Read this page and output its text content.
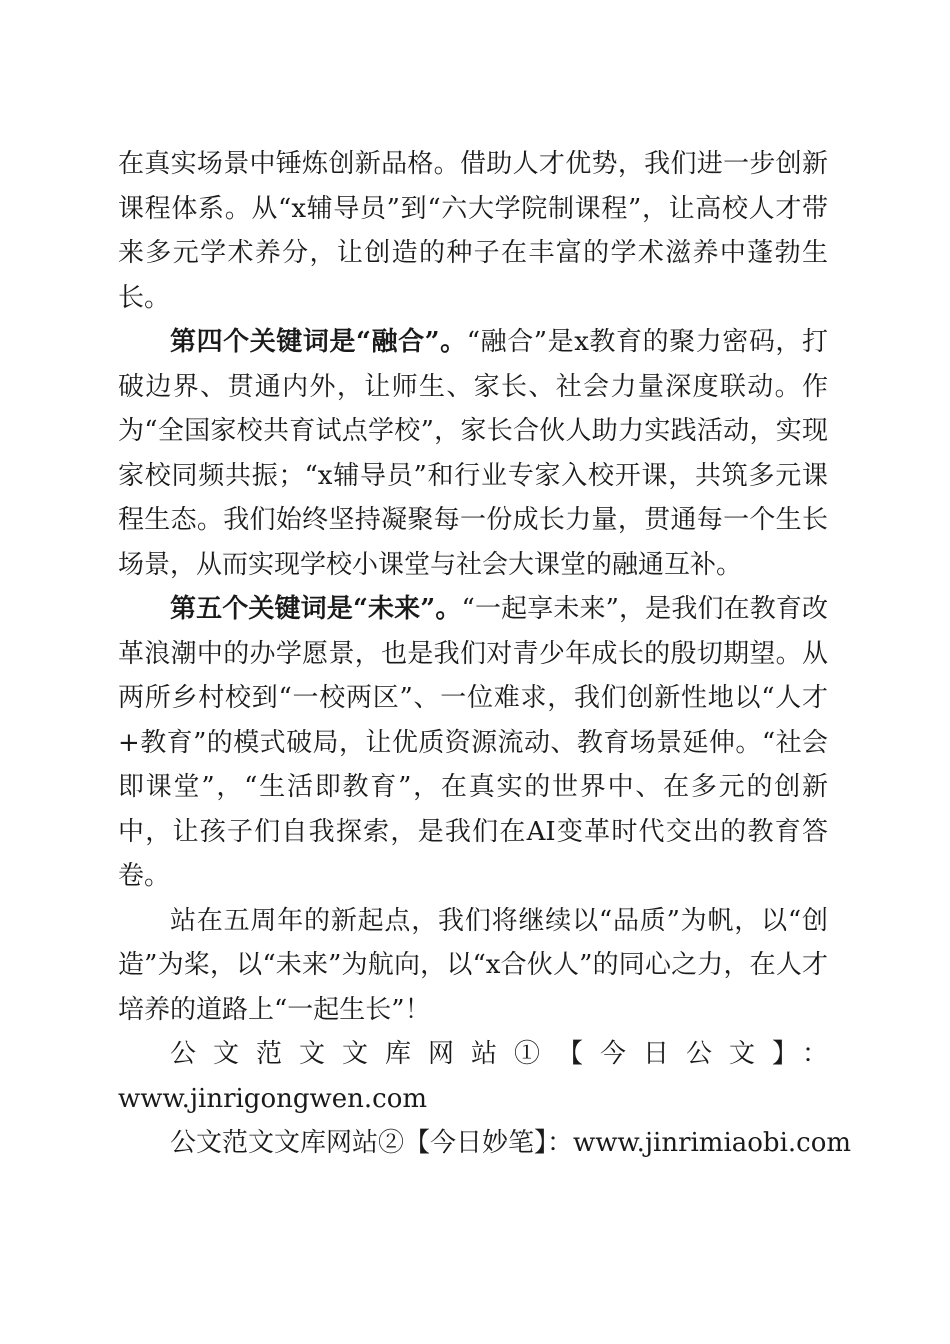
在真实场景中锤炼创新品格。借助人才优势，我们进一步创新课程体系。从“x辅导员”到“六大学院制课程”，让高校人才带来多元学术养分，让创造的种子在丰富的学术滋养中蓬勃生长。

第四个关键词是“融合”。“融合”是x教育的聚力密码，打破边界、贯通内外，让师生、家长、社会力量深度联动。作为“全国家校共育试点学校”，家长合伙人助力实践活动，实现家校同频共振；“x辅导员”和行业专家入校开课，共筑多元课程生态。我们始终坚持凝聚每一份成长力量，贯通每一个生长场景，从而实现学校小课堂与社会大课堂的融通互补。

第五个关键词是“未来”。“一起享未来”，是我们在教育改革浪潮中的办学愿景，也是我们对青少年成长的殷切期望。从两所乡村校到“一校两区”、一位难求，我们创新性地以“人才+教育”的模式破局，让优质资源流动、教育场景延伸。“社会即课堂”，“生活即教育”，在真实的世界中、在多元的创新中，让孩子们自我探索，是我们在AI变革时代交出的教育答卷。

站在五周年的新起点，我们将继续以“品质”为帆，以“创造”为桨，以“未来”为航向，以“x合伙人”的同心之力，在人才培养的道路上“一起生长”！

公文范文文库网站①【今日公文】：

www.jinrigongwen.com

公文范文文库网站②【今日妙笔】：www.jinrimiaobi.com
